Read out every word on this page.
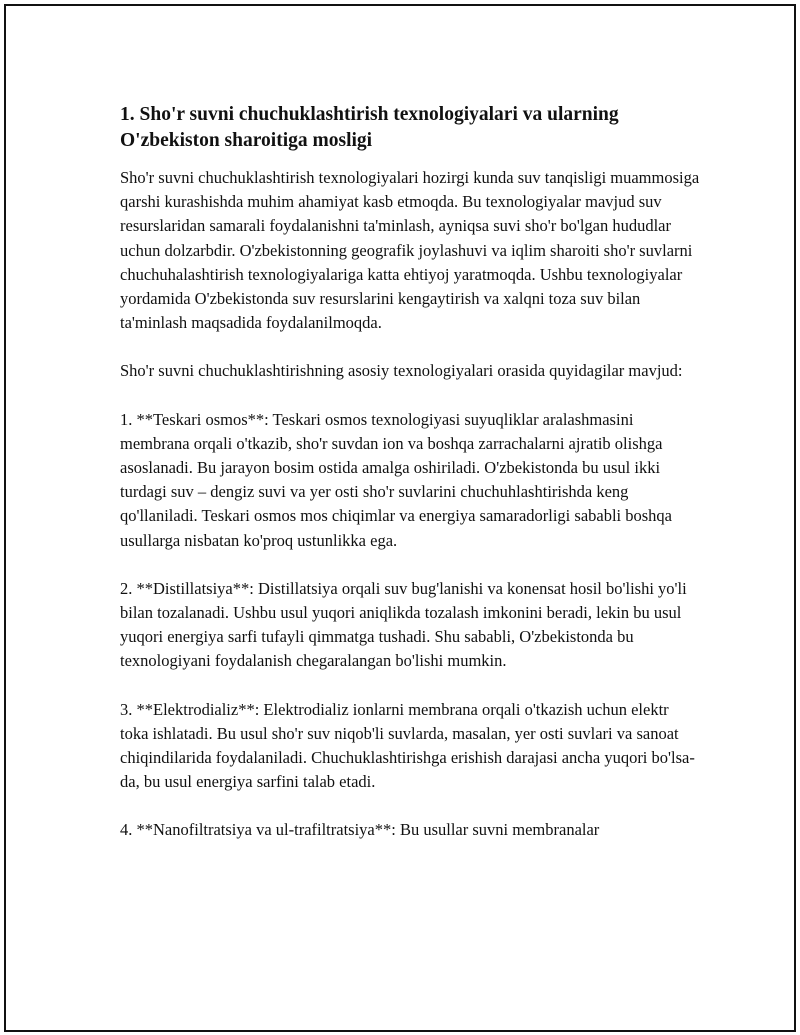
1. Sho'r suvni chuchuklashtirish texnologiyalari va ularning O'zbekiston sharoitiga mosligi

Sho'r suvni chuchuklashtirish texnologiyalari hozirgi kunda suv tanqisligi muammosiga qarshi kurashishda muhim ahamiyat kasb etmoqda. Bu texnologiyalar mavjud suv resurslaridan samarali foydalanishni ta'minlash, ayniqsa suvi sho'r bo'lgan hududlar uchun dolzarbdir. O'zbekistonning geografik joylashuvi va iqlim sharoiti sho'r suvlarni chuchuhalashtirish texnologiyalariga katta ehtiyoj yaratmoqda. Ushbu texnologiyalar yordamida O'zbekistonda suv resurslarini kengaytirish va xalqni toza suv bilan ta'minlash maqsadida foydalanilmoqda.

Sho'r suvni chuchuklashtirishning asosiy texnologiyalari orasida quyidagilar mavjud:

1. **Teskari osmos**: Teskari osmos texnologiyasi suyuqliklar aralashmasini membrana orqali o'tkazib, sho'r suvdan ion va boshqa zarrachalarni ajratib olishga asoslanadi. Bu jarayon bosim ostida amalga oshiriladi. O'zbekistonda bu usul ikki turdagi suv – dengiz suvi va yer osti sho'r suvlarini chuchuhlashtirishda keng qo'llaniladi. Teskari osmos mos chiqimlar va energiya samaradorligi sababli boshqa usullarga nisbatan ko'proq ustunlikka ega.

2. **Distillatsiya**: Distillatsiya orqali suv bug'lanishi va konensat hosil bo'lishi yo'li bilan tozalanadi. Ushbu usul yuqori aniqlikda tozalash imkonini beradi, lekin bu usul yuqori energiya sarfi tufayli qimmatga tushadi. Shu sababli, O'zbekistonda bu texnologiyani foydalanish chegaralangan bo'lishi mumkin.

3. **Elektrodializ**: Elektrodializ ionlarni membrana orqali o'tkazish uchun elektr toka ishlatadi. Bu usul sho'r suv niqob'li suvlarda, masalan, yer osti suvlari va sanoat chiqindilarida foydalaniladi. Chuchuklashtirishga erishish darajasi ancha yuqori bo'lsa-da, bu usul energiya sarfini talab etadi.

4. **Nanofiltratsiya va ul-trafiltratsiya**: Bu usullar suvni membranalar
